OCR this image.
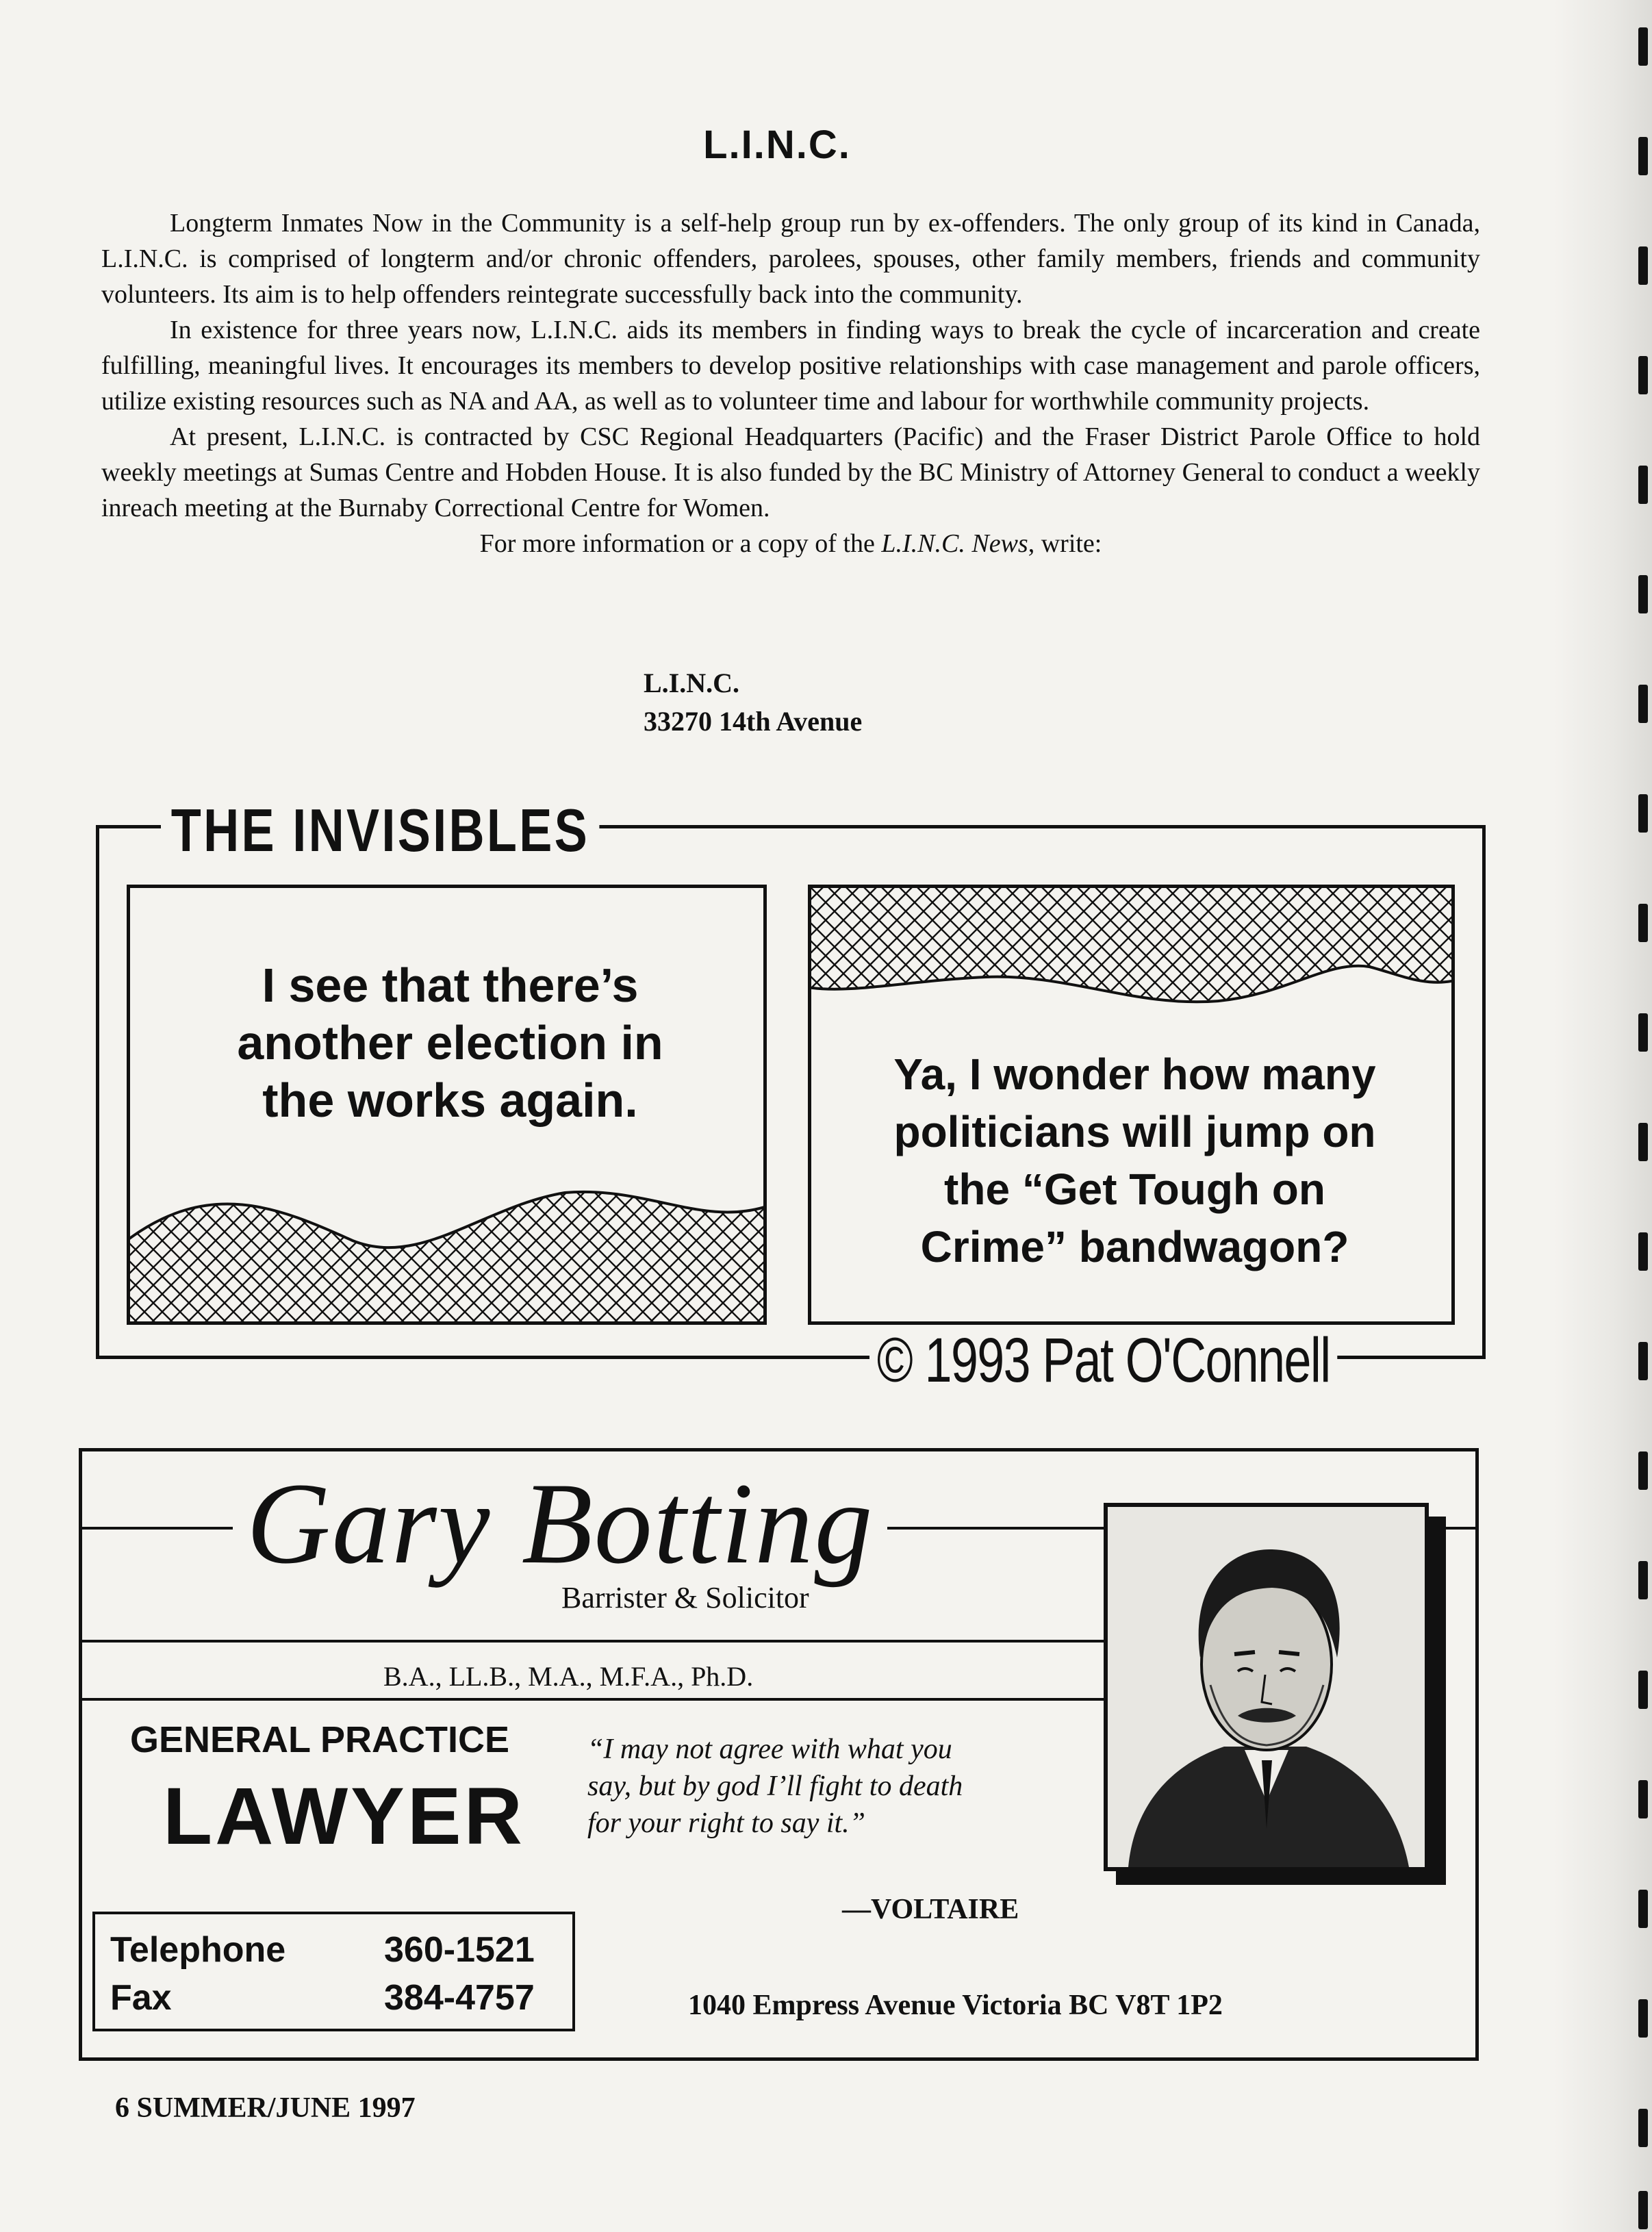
L.I.N.C.

Longterm Inmates Now in the Community is a self-help group run by ex-offenders. The only group of its kind in Canada, L.I.N.C. is comprised of longterm and/or chronic offenders, parolees, spouses, other family members, friends and community volunteers. Its aim is to help offenders reintegrate successfully back into the community.

In existence for three years now, L.I.N.C. aids its members in finding ways to break the cycle of incarceration and create fulfilling, meaningful lives. It encourages its members to develop positive relationships with case management and parole officers, utilize existing resources such as NA and AA, as well as to volunteer time and labour for worthwhile community projects.

At present, L.I.N.C. is contracted by CSC Regional Headquarters (Pacific) and the Fraser District Parole Office to hold weekly meetings at Sumas Centre and Hobden House. It is also funded by the BC Ministry of Attorney General to conduct a weekly inreach meeting at the Burnaby Correctional Centre for Women.

For more information or a copy of the L.I.N.C. News, write:

L.I.N.C.
33270 14th Avenue
THE INVISIBLES
I see that there’s
another election in
the works again.	Ya, I wonder how many
politicians will jump on
the “Get Tough on
Crime” bandwagon?
© 1993 Pat O'Connell
Gary Botting
Barrister & Solicitor
B.A., LL.B., M.A., M.F.A., Ph.D.
GENERAL PRACTICE
LAWYER
Telephone	360-1521
Fax	384-4757
“I may not agree with what you
say, but by god I’ll fight to death
for your right to say it.”
—VOLTAIRE
1040 Empress Avenue Victoria BC V8T 1P2
6 SUMMER/JUNE 1997
